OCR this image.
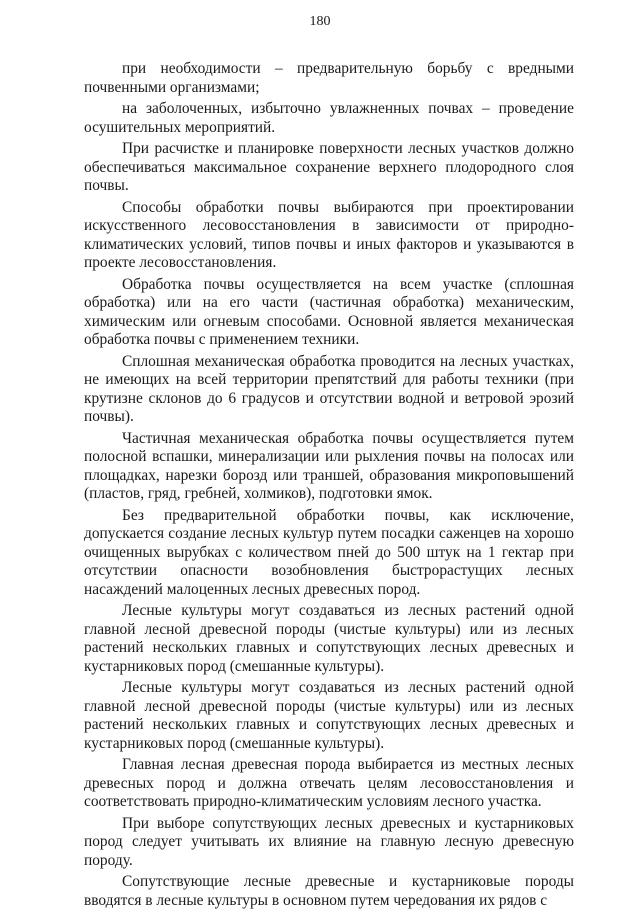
180

при необходимости – предварительную борьбу с вредными почвенными организмами;

на заболоченных, избыточно увлажненных почвах – проведение осушительных мероприятий.

При расчистке и планировке поверхности лесных участков должно обеспечиваться максимальное сохранение верхнего плодородного слоя почвы.

Способы обработки почвы выбираются при проектировании искусственного лесовосстановления в зависимости от природно-климатических условий, типов почвы и иных факторов и указываются в проекте лесовосстановления.

Обработка почвы осуществляется на всем участке (сплошная обработка) или на его части (частичная обработка) механическим, химическим или огневым способами. Основной является механическая обработка почвы с применением техники.

Сплошная механическая обработка проводится на лесных участках, не имеющих на всей территории препятствий для работы техники (при крутизне склонов до 6 градусов и отсутствии водной и ветровой эрозий почвы).

Частичная механическая обработка почвы осуществляется путем полосной вспашки, минерализации или рыхления почвы на полосах или площадках, нарезки борозд или траншей, образования микроповышений (пластов, гряд, гребней, холмиков), подготовки ямок.

Без предварительной обработки почвы, как исключение, допускается создание лесных культур путем посадки саженцев на хорошо очищенных вырубках с количеством пней до 500 штук на 1 гектар при отсутствии опасности возобновления быстрорастущих лесных насаждений малоценных лесных древесных пород.

Лесные культуры могут создаваться из лесных растений одной главной лесной древесной породы (чистые культуры) или из лесных растений нескольких главных и сопутствующих лесных древесных и кустарниковых пород (смешанные культуры).

Лесные культуры могут создаваться из лесных растений одной главной лесной древесной породы (чистые культуры) или из лесных растений нескольких главных и сопутствующих лесных древесных и кустарниковых пород (смешанные культуры).

Главная лесная древесная порода выбирается из местных лесных древесных пород и должна отвечать целям лесовосстановления и соответствовать природно-климатическим условиям лесного участка.

При выборе сопутствующих лесных древесных и кустарниковых пород следует учитывать их влияние на главную лесную древесную породу.

Сопутствующие лесные древесные и кустарниковые породы вводятся в лесные культуры в основном путем чередования их рядов с
